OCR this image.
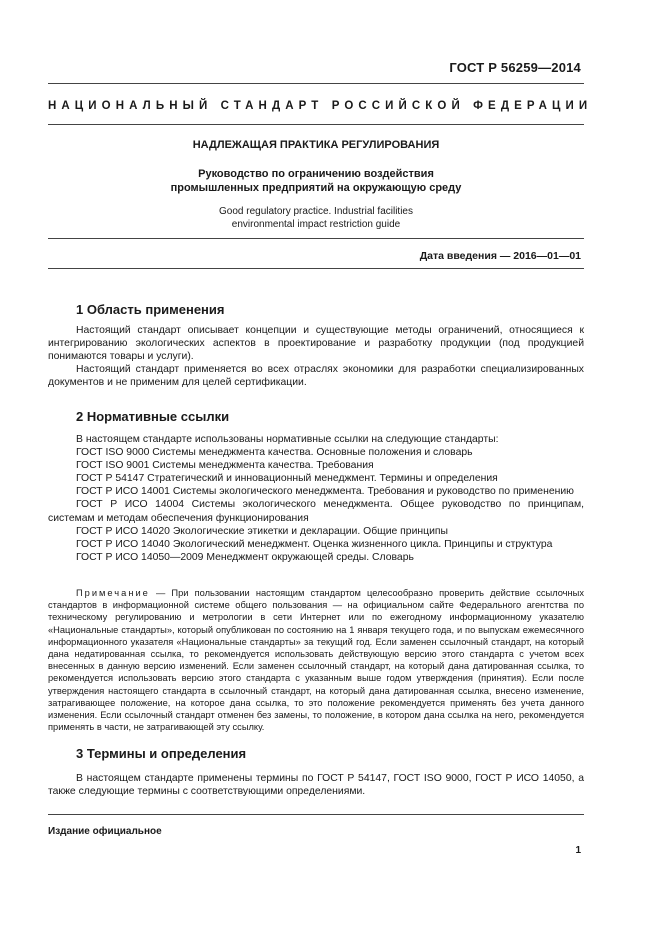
ГОСТ Р 56259—2014
НАЦИОНАЛЬНЫЙ СТАНДАРТ РОССИЙСКОЙ ФЕДЕРАЦИИ
НАДЛЕЖАЩАЯ ПРАКТИКА РЕГУЛИРОВАНИЯ
Руководство по ограничению воздействия
промышленных предприятий на окружающую среду
Good regulatory practice. Industrial facilities
environmental impact restriction guide
Дата введения — 2016—01—01
1 Область применения

Настоящий стандарт описывает концепции и существующие методы ограничений, относящиеся к интегрированию экологических аспектов в проектирование и разработку продукции (под продукцией понимаются товары и услуги).

Настоящий стандарт применяется во всех отраслях экономики для разработки специализированных документов и не применим для целей сертификации.

2 Нормативные ссылки

В настоящем стандарте использованы нормативные ссылки на следующие стандарты:

ГОСТ ISO 9000 Системы менеджмента качества. Основные положения и словарь

ГОСТ ISO 9001 Системы менеджмента качества. Требования

ГОСТ Р 54147 Стратегический и инновационный менеджмент. Термины и определения

ГОСТ Р ИСО 14001 Системы экологического менеджмента. Требования и руководство по применению

ГОСТ Р ИСО 14004 Системы экологического менеджмента. Общее руководство по принципам, системам и методам обеспечения функционирования

ГОСТ Р ИСО 14020 Экологические этикетки и декларации. Общие принципы

ГОСТ Р ИСО 14040 Экологический менеджмент. Оценка жизненного цикла. Принципы и структура

ГОСТ Р ИСО 14050—2009 Менеджмент окружающей среды. Словарь

Примечание — При пользовании настоящим стандартом целесообразно проверить действие ссылочных стандартов в информационной системе общего пользования — на официальном сайте Федерального агентства по техническому регулированию и метрологии в сети Интернет или по ежегодному информационному указателю «Национальные стандарты», который опубликован по состоянию на 1 января текущего года, и по выпускам ежемесячного информационного указателя «Национальные стандарты» за текущий год. Если заменен ссылочный стандарт, на который дана недатированная ссылка, то рекомендуется использовать действующую версию этого стандарта с учетом всех внесенных в данную версию изменений. Если заменен ссылочный стандарт, на который дана датированная ссылка, то рекомендуется использовать версию этого стандарта с указанным выше годом утверждения (принятия). Если после утверждения настоящего стандарта в ссылочный стандарт, на который дана датированная ссылка, внесено изменение, затрагивающее положение, на которое дана ссылка, то это положение рекомендуется применять без учета данного изменения. Если ссылочный стандарт отменен без замены, то положение, в котором дана ссылка на него, рекомендуется применять в части, не затрагивающей эту ссылку.

3 Термины и определения

В настоящем стандарте применены термины по ГОСТ Р 54147, ГОСТ ISO 9000, ГОСТ Р ИСО 14050, а также следующие термины с соответствующими определениями.

Издание официальное
1
